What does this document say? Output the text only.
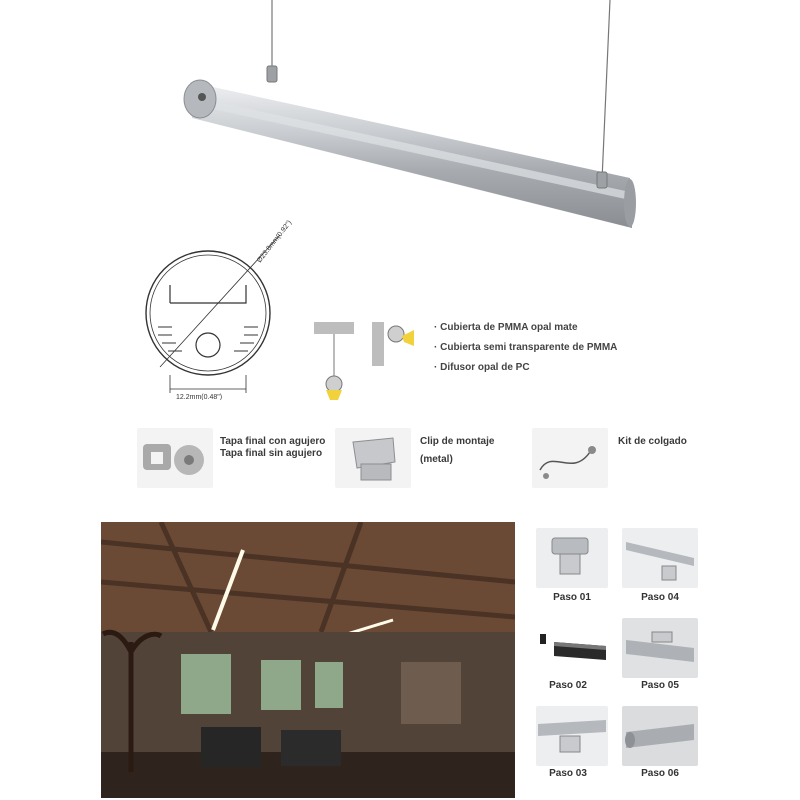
Ø23.8mm(0.92")
12.2mm(0.48")
· Cubierta de PMMA opal mate
· Cubierta semi transparente de PMMA
· Difusor opal de PC
Tapa final con agujero
Tapa final sin agujero
Clip de montaje
(metal)
Kit de colgado
Paso 01	Paso 04
Paso 02	Paso 05
Paso 03	Paso 06
